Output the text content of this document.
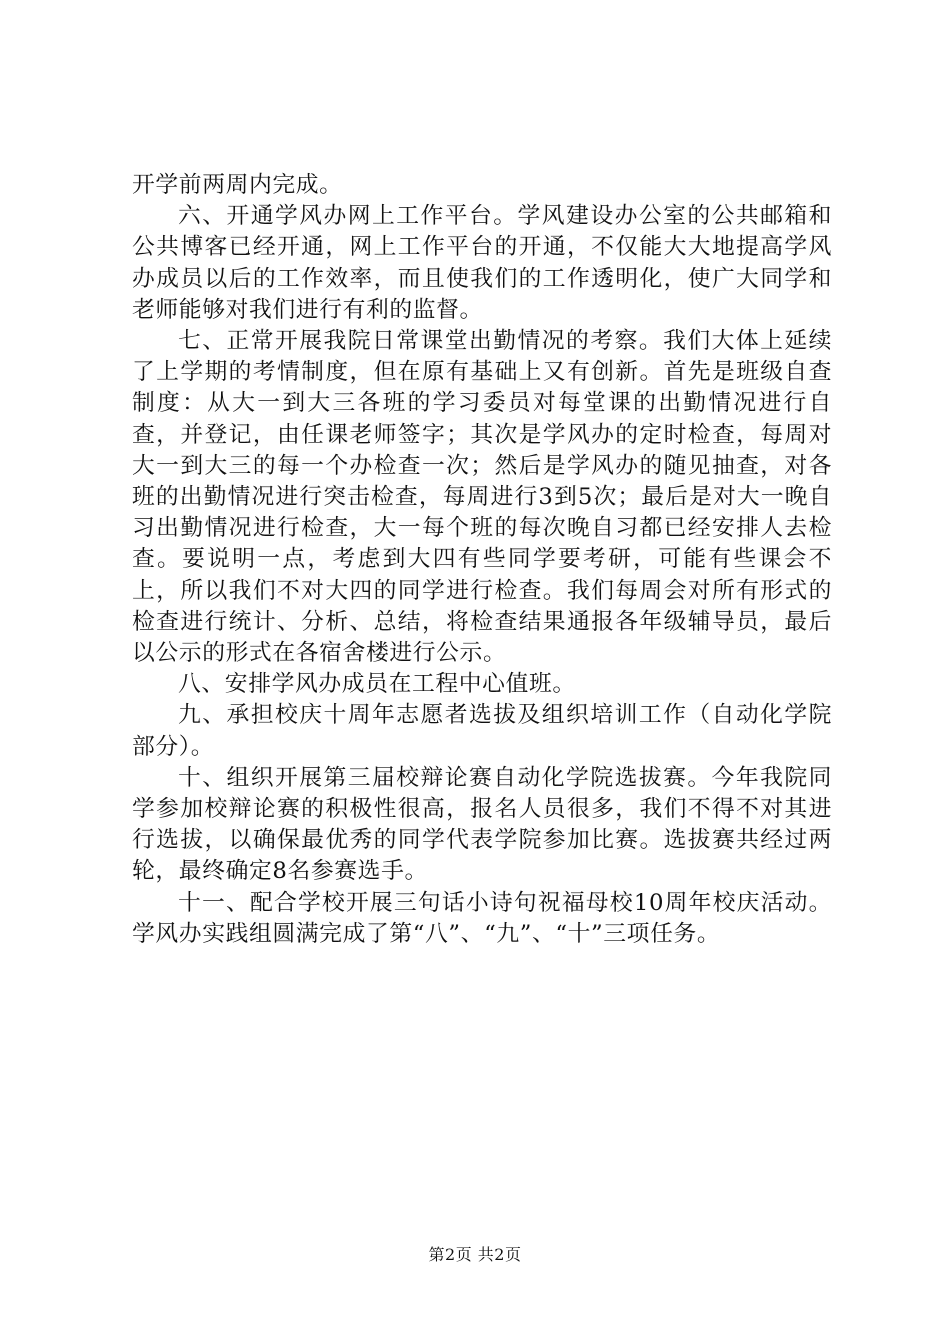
开学前两周内完成。

六、开通学风办网上工作平台。学风建设办公室的公共邮箱和公共博客已经开通，网上工作平台的开通，不仅能大大地提高学风办成员以后的工作效率，而且使我们的工作透明化，使广大同学和老师能够对我们进行有利的监督。

七、正常开展我院日常课堂出勤情况的考察。我们大体上延续了上学期的考情制度，但在原有基础上又有创新。首先是班级自查制度：从大一到大三各班的学习委员对每堂课的出勤情况进行自查，并登记，由任课老师签字；其次是学风办的定时检查，每周对大一到大三的每一个办检查一次；然后是学风办的随见抽查，对各班的出勤情况进行突击检查，每周进行3到5次；最后是对大一晚自习出勤情况进行检查，大一每个班的每次晚自习都已经安排人去检查。要说明一点，考虑到大四有些同学要考研，可能有些课会不上，所以我们不对大四的同学进行检查。我们每周会对所有形式的检查进行统计、分析、总结，将检查结果通报各年级辅导员，最后以公示的形式在各宿舍楼进行公示。

八、安排学风办成员在工程中心值班。

九、承担校庆十周年志愿者选拔及组织培训工作（自动化学院部分）。

十、组织开展第三届校辩论赛自动化学院选拔赛。今年我院同学参加校辩论赛的积极性很高，报名人员很多，我们不得不对其进行选拔，以确保最优秀的同学代表学院参加比赛。选拔赛共经过两轮，最终确定8名参赛选手。

十一、配合学校开展三句话小诗句祝福母校10周年校庆活动。学风办实践组圆满完成了第“八”、“九”、“十”三项任务。

第2页 共2页
